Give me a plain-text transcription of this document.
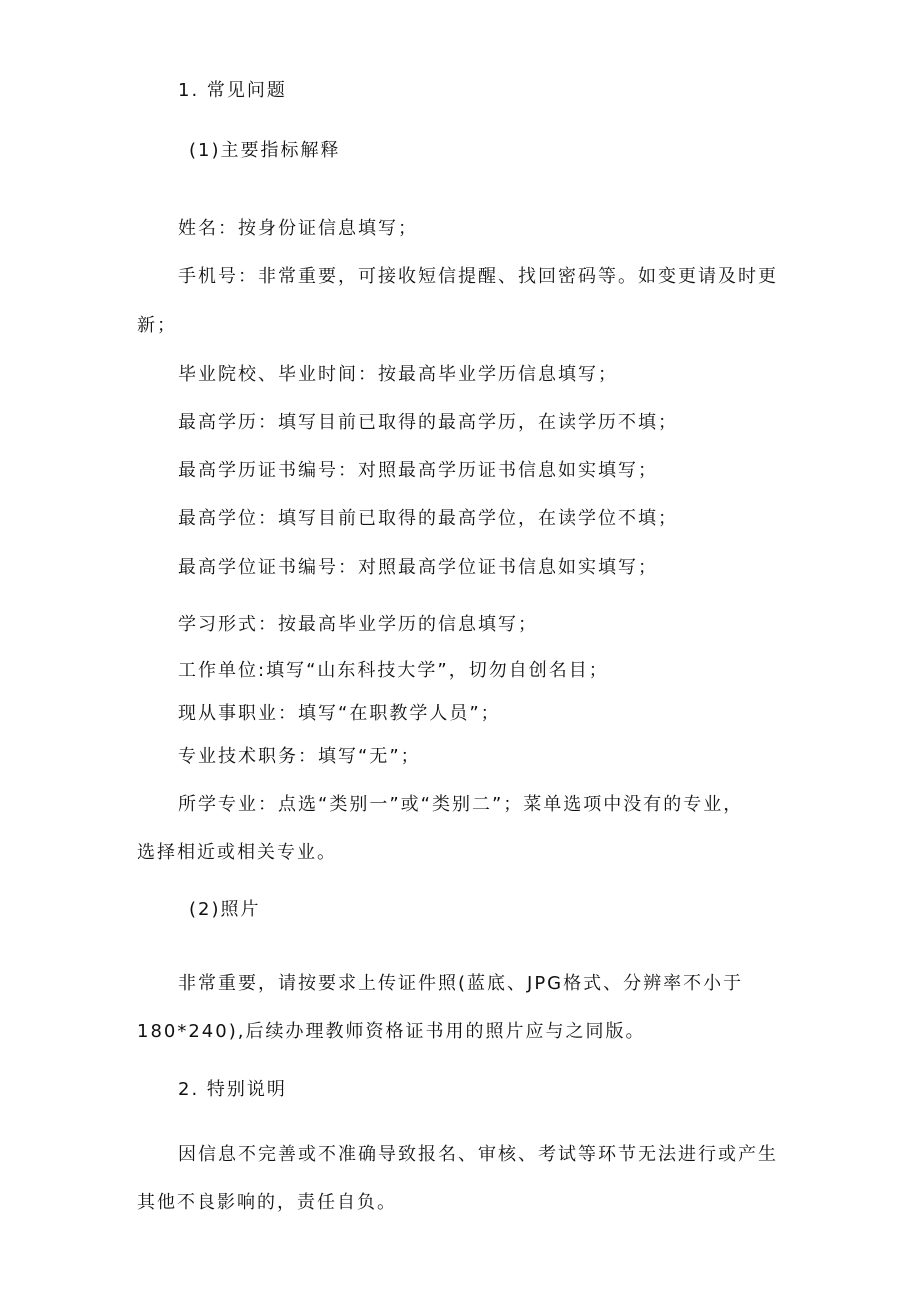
1. 常见问题
(1)主要指标解释
姓名：按身份证信息填写；
手机号：非常重要，可接收短信提醒、找回密码等。如变更请及时更
新；
毕业院校、毕业时间：按最高毕业学历信息填写；
最高学历：填写目前已取得的最高学历，在读学历不填；
最高学历证书编号：对照最高学历证书信息如实填写；
最高学位：填写目前已取得的最高学位，在读学位不填；
最高学位证书编号：对照最高学位证书信息如实填写；
学习形式：按最高毕业学历的信息填写；
工作单位:填写“山东科技大学”，切勿自创名目；
现从事职业：填写“在职教学人员”；
专业技术职务：填写“无”；
所学专业：点选“类别一”或“类别二”；菜单选项中没有的专业，
选择相近或相关专业。
(2)照片
非常重要，请按要求上传证件照(蓝底、JPG格式、分辨率不小于
180*240),后续办理教师资格证书用的照片应与之同版。
2. 特别说明
因信息不完善或不准确导致报名、审核、考试等环节无法进行或产生
其他不良影响的，责任自负。
